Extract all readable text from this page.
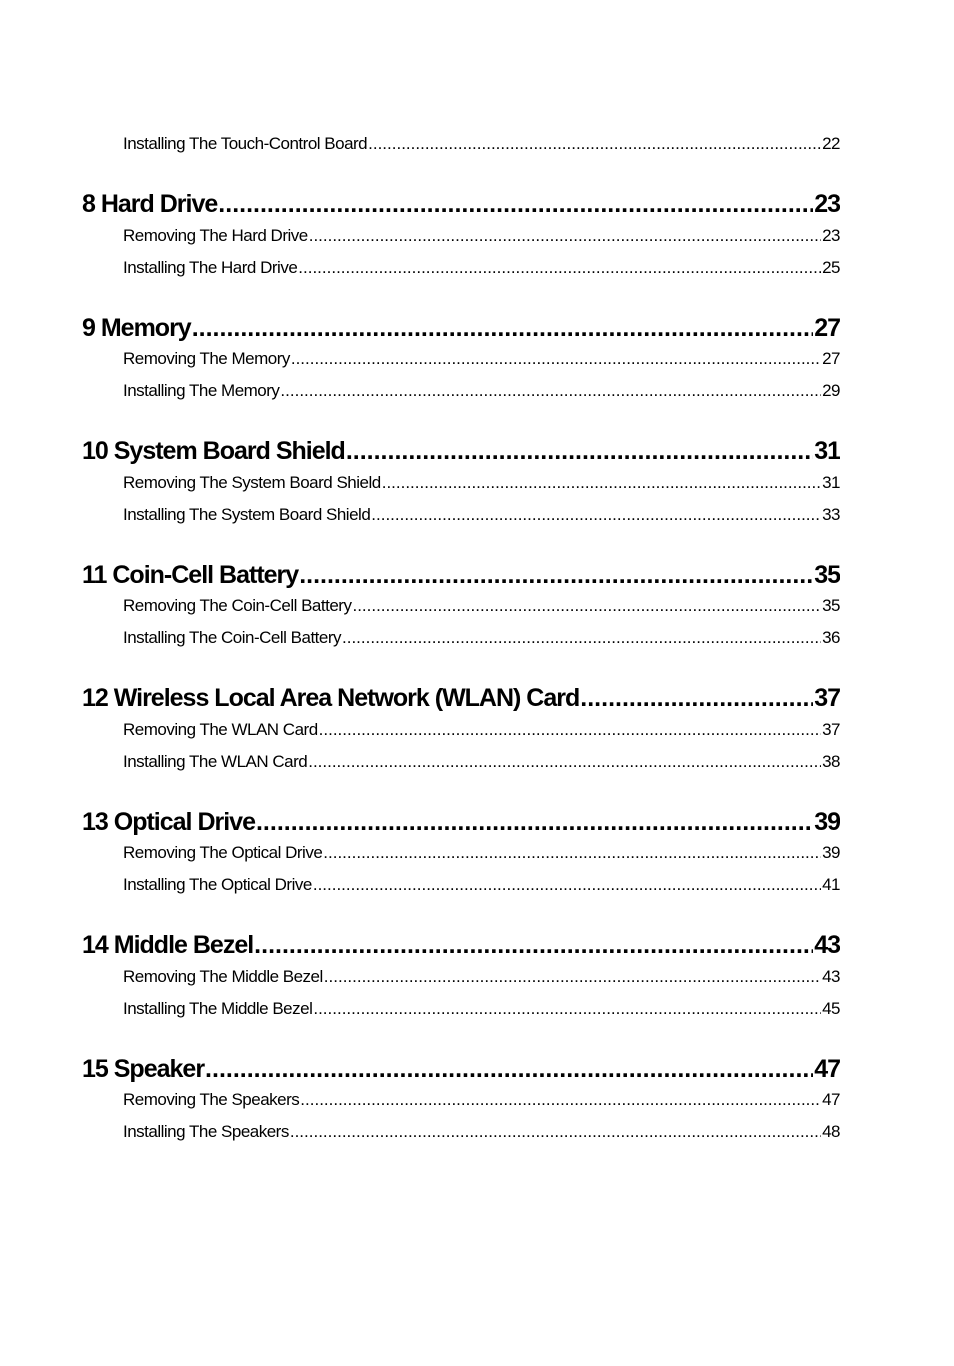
Installing The Touch-Control Board .....	22
8 Hard Drive .....	23
Removing The Hard Drive .....	23
Installing The Hard Drive .....	25
9 Memory .....	27
Removing The Memory .....	27
Installing The Memory .....	29
10 System Board Shield .....	31
Removing The System Board Shield .....	31
Installing The System Board Shield .....	33
11 Coin-Cell Battery .....	35
Removing The Coin-Cell Battery .....	35
Installing The Coin-Cell Battery .....	36
12 Wireless Local Area Network (WLAN) Card .....	37
Removing The WLAN Card .....	37
Installing The WLAN Card .....	38
13 Optical Drive .....	39
Removing The Optical Drive .....	39
Installing The Optical Drive .....	41
14 Middle Bezel .....	43
Removing The Middle Bezel .....	43
Installing The Middle Bezel .....	45
15 Speaker .....	47
Removing The Speakers .....	47
Installing The Speakers .....	48
